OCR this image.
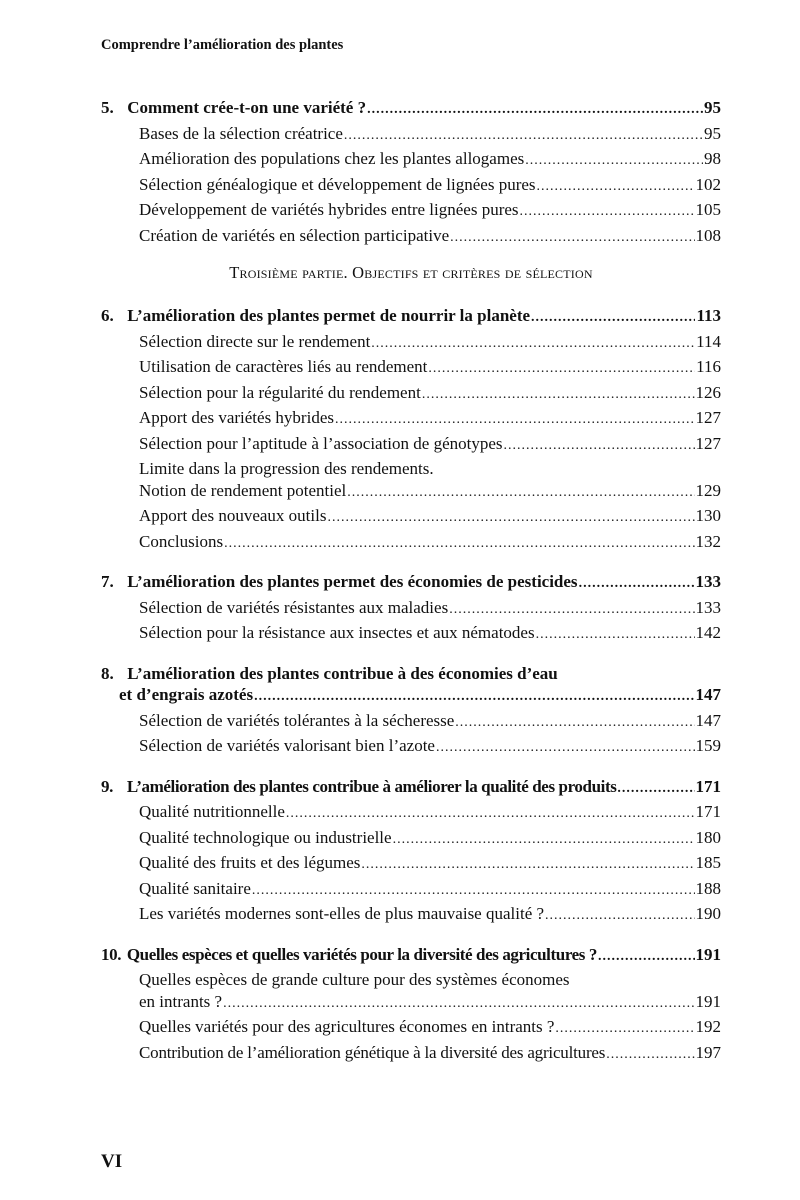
Comprendre l’amélioration des plantes
5. Comment crée-t-on une variété ? .....	95
Bases de la sélection créatrice .....	95
Amélioration des populations chez les plantes allogames .....	98
Sélection généalogique et développement de lignées pures .....	102
Développement de variétés hybrides entre lignées pures .....	105
Création de variétés en sélection participative .....	108
Troisième partie. Objectifs et critères de sélection
6. L’amélioration des plantes permet de nourrir la planète .....	113
Sélection directe sur le rendement .....	114
Utilisation de caractères liés au rendement .....	116
Sélection pour la régularité du rendement .....	126
Apport des variétés hybrides .....	127
Sélection pour l’aptitude à l’association de génotypes .....	127
Limite dans la progression des rendements.
Notion de rendement potentiel .....	129
Apport des nouveaux outils .....	130
Conclusions .....	132
7. L’amélioration des plantes permet des économies de pesticides .....	133
Sélection de variétés résistantes aux maladies .....	133
Sélection pour la résistance aux insectes et aux nématodes .....	142
8. L’amélioration des plantes contribue à des économies d’eau
et d’engrais azotés .....	147
Sélection de variétés tolérantes à la sécheresse .....	147
Sélection de variétés valorisant bien l’azote .....	159
9. L’amélioration des plantes contribue à améliorer la qualité des produits .....	171
Qualité nutritionnelle .....	171
Qualité technologique ou industrielle .....	180
Qualité des fruits et des légumes .....	185
Qualité sanitaire .....	188
Les variétés modernes sont-elles de plus mauvaise qualité ? .....	190
10. Quelles espèces et quelles variétés pour la diversité des agricultures ? .....	191
Quelles espèces de grande culture pour des systèmes économes
en intrants ? .....	191
Quelles variétés pour des agricultures économes en intrants ? .....	192
Contribution de l’amélioration génétique à la diversité des agricultures .....	197
VI
